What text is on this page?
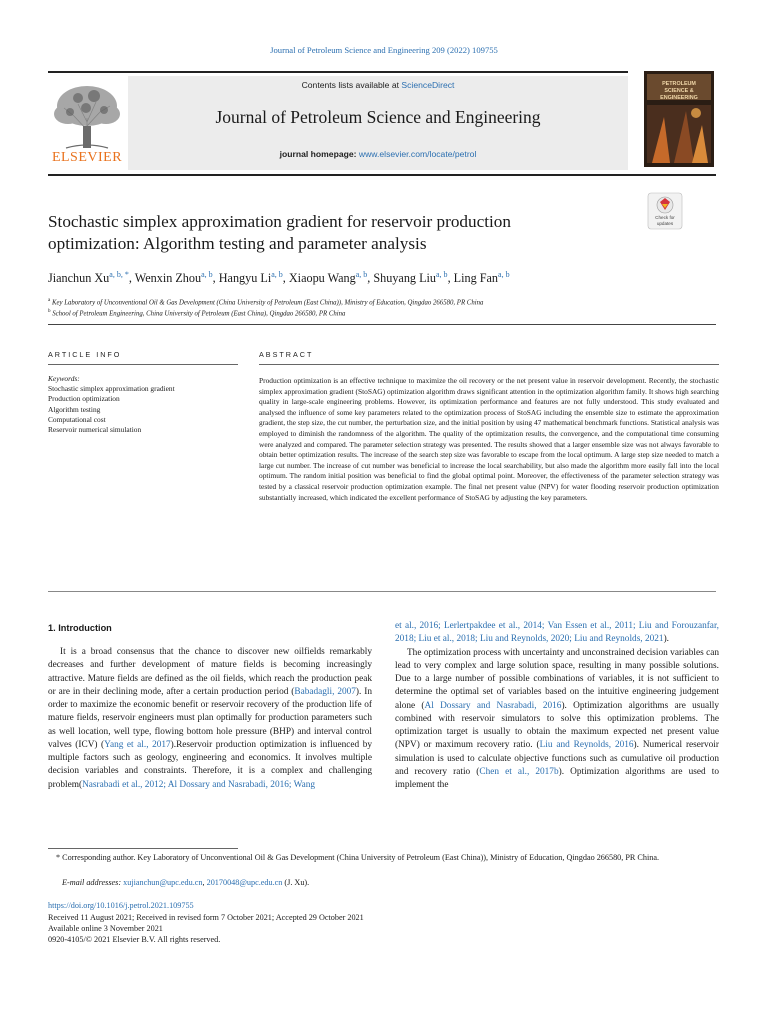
Journal of Petroleum Science and Engineering 209 (2022) 109755
ELSEVIER
Contents lists available at ScienceDirect
Journal of Petroleum Science and Engineering
journal homepage: www.elsevier.com/locate/petrol
PETROLEUM
SCIENCE &
ENGINEERING
Stochastic simplex approximation gradient for reservoir production
optimization: Algorithm testing and parameter analysis
Check for
updates
Jianchun $Xu^{a, b, *}$, Wenxin Zhou$^{a, b}$, Hangyu Li$^{a, b}$, Xiaopu Wang$^{a, b}$, Shuyang Liu$^{a, b}$, Ling Fan$^{a, b}$
$^a$ Key Laboratory of Unconventional Oil & Gas Development (China University of Petroleum (East China)), Ministry of Education, Qingdao 266580, PR China
$^b$ School of Petroleum Engineering, China University of Petroleum (East China), Qingdao 266580, PR China
ARTICLE INFO
Keywords:
Stochastic simplex approximation gradient
Production optimization
Algorithm testing
Computational cost
Reservoir numerical simulation
ABSTRACT
Production optimization is an effective technique to maximize the oil recovery or the net present value in reservoir development. Recently, the stochastic simplex approximation gradient (StoSAG) optimization algorithm draws significant attention in the optimization algorithm family. It shows high searching quality in large-scale engineering problems. However, its optimization performance and features are not fully understood. This study evaluated and analysed the influence of some key parameters related to the optimization process of StoSAG including the ensemble size to estimate the approximation gradient, the step size, the cut number, the perturbation size, and the initial position by using 47 mathematical benchmark functions. Statistical analysis was employed to diminish the randomness of the algorithm. The quality of the optimization results, the convergence, and the computational time consuming were analyzed and compared. The parameter selection strategy was presented. The results showed that a larger ensemble size was not always favorable to obtain better optimization results. The increase of the search step size was favorable to escape from the local optimum. A large step size needed to match a large cut number. The increase of cut number was beneficial to increase the local searchability, but also made the algorithm more easily fall into the local optimum. The random initial position was beneficial to find the global optimal point. Moreover, the effectiveness of the parameter selection strategy was tested by a classical reservoir production optimization example. The final net present value (NPV) for water flooding reservoir production optimization substantially increased, which indicated the excellent performance of StoSAG by adjusting the key parameters.
1. Introduction

It is a broad consensus that the chance to discover new oilfields remarkably decreases and further development of mature fields is becoming increasingly attractive. Mature fields are defined as the oil fields, which reach the production peak or are in their declining mode, after a certain production period (Babadagli, 2007). In order to maximize the economic benefit or reservoir recovery of the production life of mature fields, reservoir engineers must plan optimally for production parameters such as well location, well type, flowing bottom hole pressure (BHP) and interval control valves (ICV) (Yang et al., 2017).Reservoir production optimization is influenced by multiple factors such as geology, engineering and economics. It involves multiple decision variables and constraints. Therefore, it is a complex and challenging problem(Nasrabadi et al., 2012; Al Dossary and Nasrabadi, 2016; Wang

et al., 2016; Lerlertpakdee et al., 2014; Van Essen et al., 2011; Liu and Forouzanfar, 2018; Liu et al., 2018; Liu and Reynolds, 2020; Liu and Reynolds, 2021).

The optimization process with uncertainty and unconstrained decision variables can lead to very complex and large solution space, resulting in many possible solutions. Due to a large number of possible combinations of variables, it is not sufficient to determine the optimal set of variables based on the intuitive engineering judgement alone (Al Dossary and Nasrabadi, 2016). Optimization algorithms are usually combined with reservoir simulators to solve this optimization problems. The optimization target is usually to obtain the maximum expected net present value (NPV) or maximum recovery ratio. (Liu and Reynolds, 2016). Numerical reservoir simulation is used to calculate objective functions such as cumulative oil production and recovery ratio (Chen et al., 2017b). Optimization algorithms are used to implement the

* Corresponding author. Key Laboratory of Unconventional Oil & Gas Development (China University of Petroleum (East China)), Ministry of Education, Qingdao 266580, PR China.
E-mail addresses: xujianchun@upc.edu.cn, 20170048@upc.edu.cn (J. Xu).
https://doi.org/10.1016/j.petrol.2021.109755
Received 11 August 2021; Received in revised form 7 October 2021; Accepted 29 October 2021
Available online 3 November 2021
0920-4105/© 2021 Elsevier B.V. All rights reserved.
